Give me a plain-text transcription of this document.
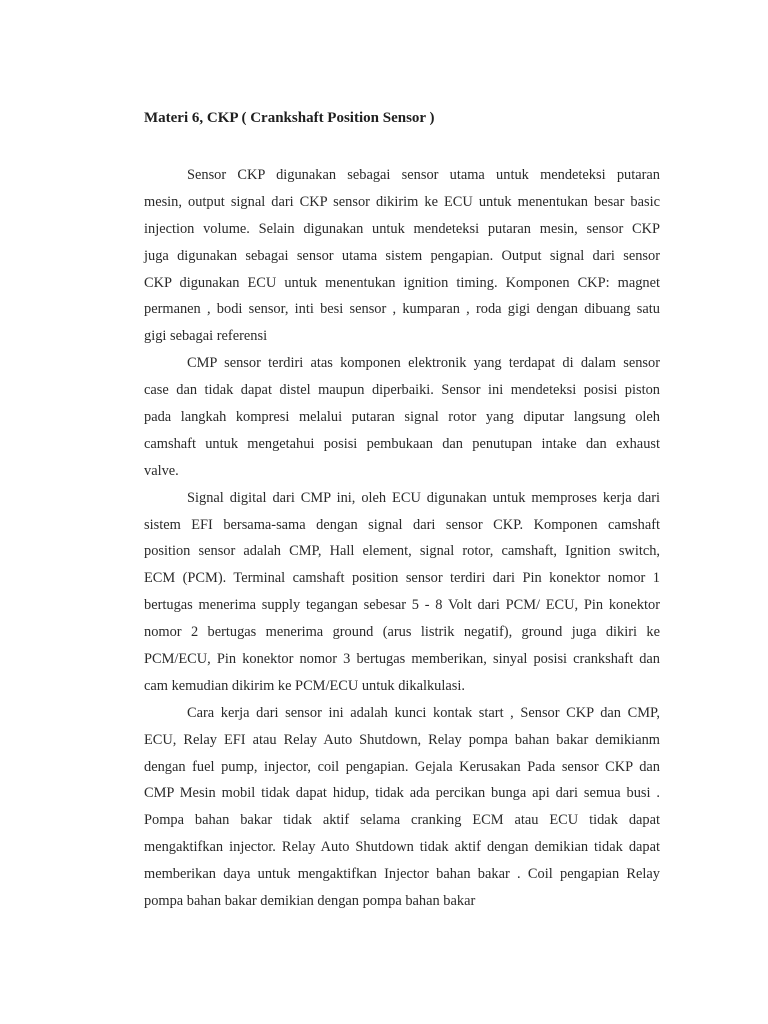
Materi 6, CKP ( Crankshaft Position Sensor )

Sensor CKP digunakan sebagai sensor utama untuk mendeteksi putaran
mesin, output signal dari CKP sensor dikirim ke ECU untuk menentukan besar basic
injection volume. Selain digunakan untuk mendeteksi putaran mesin, sensor CKP
juga digunakan sebagai sensor utama sistem pengapian. Output signal dari sensor
CKP digunakan ECU untuk menentukan ignition timing. Komponen CKP: magnet
permanen , bodi sensor, inti besi sensor , kumparan , roda gigi dengan dibuang satu
gigi sebagai referensi

CMP sensor terdiri atas komponen elektronik yang terdapat di dalam sensor
case dan tidak dapat distel maupun diperbaiki. Sensor ini mendeteksi posisi piston
pada langkah kompresi melalui putaran signal rotor yang diputar langsung oleh
camshaft untuk mengetahui posisi pembukaan dan penutupan intake dan exhaust
valve.

Signal digital dari CMP ini, oleh ECU digunakan untuk memproses kerja dari
sistem EFI bersama-sama dengan signal dari sensor CKP. Komponen camshaft
position sensor adalah CMP, Hall element, signal rotor, camshaft, Ignition switch,
ECM (PCM). Terminal camshaft position sensor terdiri dari Pin konektor nomor 1
bertugas menerima supply tegangan sebesar 5 - 8 Volt dari PCM/ ECU, Pin konektor
nomor 2 bertugas menerima ground (arus listrik negatif), ground juga dikiri ke
PCM/ECU, Pin konektor nomor 3 bertugas memberikan, sinyal posisi crankshaft dan
cam kemudian dikirim ke PCM/ECU untuk dikalkulasi.

Cara kerja dari sensor ini adalah kunci kontak start , Sensor CKP dan CMP,
ECU, Relay EFI atau Relay Auto Shutdown, Relay pompa bahan bakar demikianm
dengan fuel pump, injector, coil pengapian. Gejala Kerusakan Pada sensor CKP dan
CMP Mesin mobil tidak dapat hidup, tidak ada percikan bunga api dari semua busi .
Pompa bahan bakar tidak aktif selama cranking ECM atau ECU tidak dapat
mengaktifkan injector. Relay Auto Shutdown tidak aktif dengan demikian tidak dapat
memberikan daya untuk mengaktifkan Injector bahan bakar . Coil pengapian Relay
pompa bahan bakar demikian dengan pompa bahan bakar
